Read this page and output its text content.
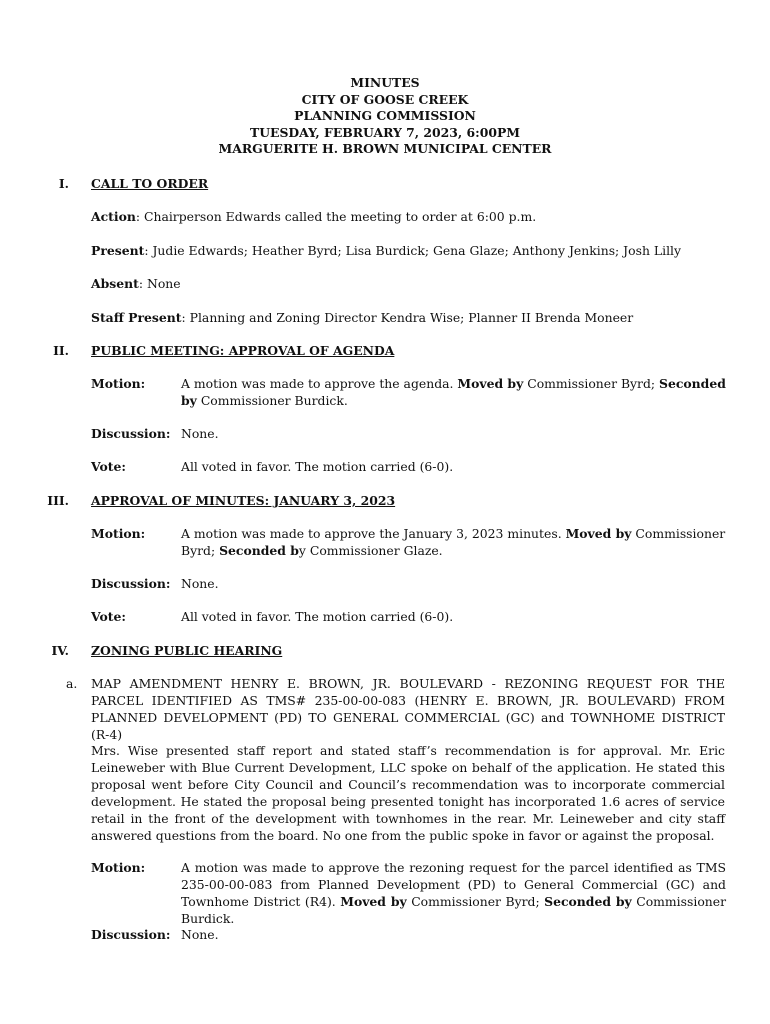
MINUTES
CITY OF GOOSE CREEK
PLANNING COMMISSION
TUESDAY, FEBRUARY 7, 2023, 6:00PM
MARGUERITE H. BROWN MUNICIPAL CENTER
I. CALL TO ORDER
Action: Chairperson Edwards called the meeting to order at 6:00 p.m.
Present: Judie Edwards; Heather Byrd; Lisa Burdick; Gena Glaze; Anthony Jenkins; Josh Lilly
Absent: None
Staff Present: Planning and Zoning Director Kendra Wise; Planner II Brenda Moneer
II. PUBLIC MEETING: APPROVAL OF AGENDA
Motion:	A motion was made to approve the agenda. Moved by Commissioner Byrd; Seconded by Commissioner Burdick.
Discussion: None.
Vote:	All voted in favor. The motion carried (6-0).
III. APPROVAL OF MINUTES: JANUARY 3, 2023
Motion:	A motion was made to approve the January 3, 2023 minutes. Moved by Commissioner Byrd; Seconded by Commissioner Glaze.
Discussion: None.
Vote:	All voted in favor. The motion carried (6-0).
IV. ZONING PUBLIC HEARING
a. MAP AMENDMENT HENRY E. BROWN, JR. BOULEVARD - REZONING REQUEST FOR THE PARCEL IDENTIFIED AS TMS# 235-00-00-083 (HENRY E. BROWN, JR. BOULEVARD) FROM PLANNED DEVELOPMENT (PD) TO GENERAL COMMERCIAL (GC) and TOWNHOME DISTRICT (R-4)
Mrs. Wise presented staff report and stated staff’s recommendation is for approval. Mr. Eric Leineweber with Blue Current Development, LLC spoke on behalf of the application. He stated this proposal went before City Council and Council’s recommendation was to incorporate commercial development. He stated the proposal being presented tonight has incorporated 1.6 acres of service retail in the front of the development with townhomes in the rear. Mr. Leineweber and city staff answered questions from the board. No one from the public spoke in favor or against the proposal.
Motion:	A motion was made to approve the rezoning request for the parcel identified as TMS 235-00-00-083 from Planned Development (PD) to General Commercial (GC) and Townhome District (R4). Moved by Commissioner Byrd; Seconded by Commissioner Burdick.
Discussion: None.
